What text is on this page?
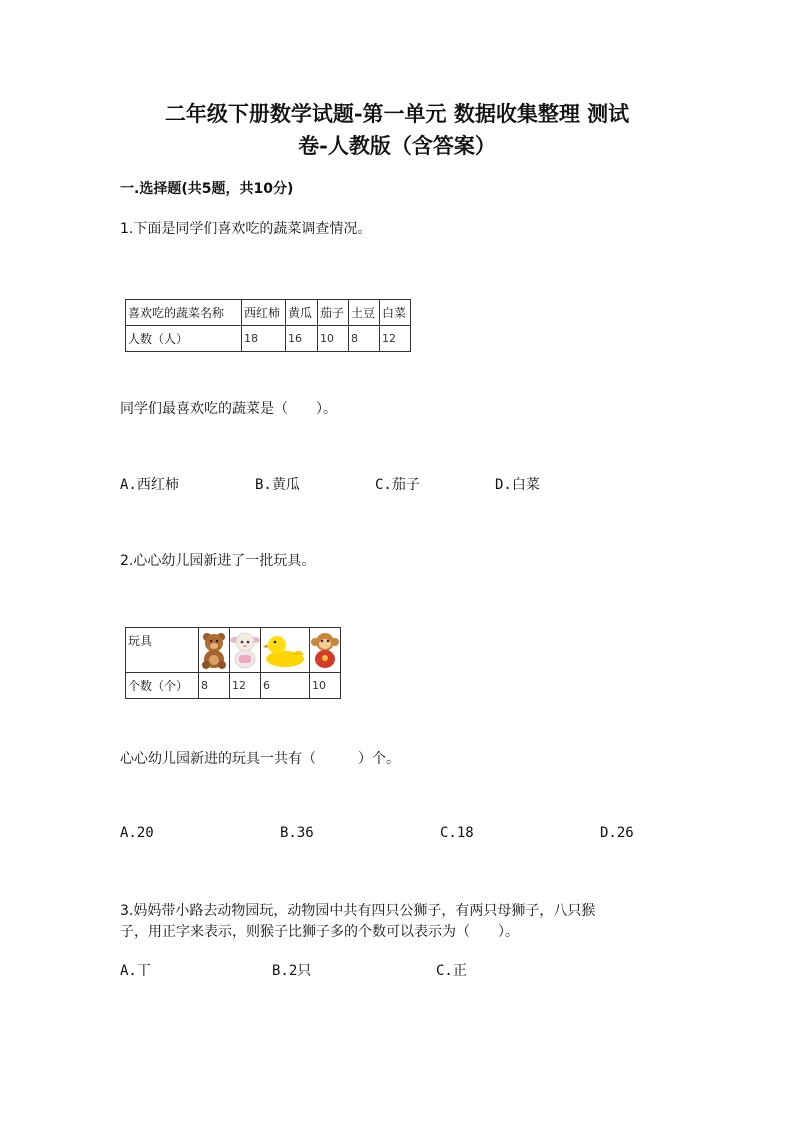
二年级下册数学试题-第一单元 数据收集整理 测试
卷-人教版（含答案）
一.选择题(共5题，共10分)
1.下面是同学们喜欢吃的蔬菜调查情况。
喜欢吃的蔬菜名称	西红柿	黄瓜	茄子	土豆	白菜
人数（人）	18	16	10	8	12
同学们最喜欢吃的蔬菜是（　　）。
A.西红柿	B.黄瓜	C.茄子	D.白菜
2.心心幼儿园新进了一批玩具。
玩具	

个数（个）	8	12	6	10
心心幼儿园新进的玩具一共有（　　　）个。
A.20	B.36	C.18	D.26
3.妈妈带小路去动物园玩，动物园中共有四只公狮子，有两只母狮子，八只猴
子，用正字来表示，则猴子比狮子多的个数可以表示为（　　）。
A.丅	B.2只	C.正
